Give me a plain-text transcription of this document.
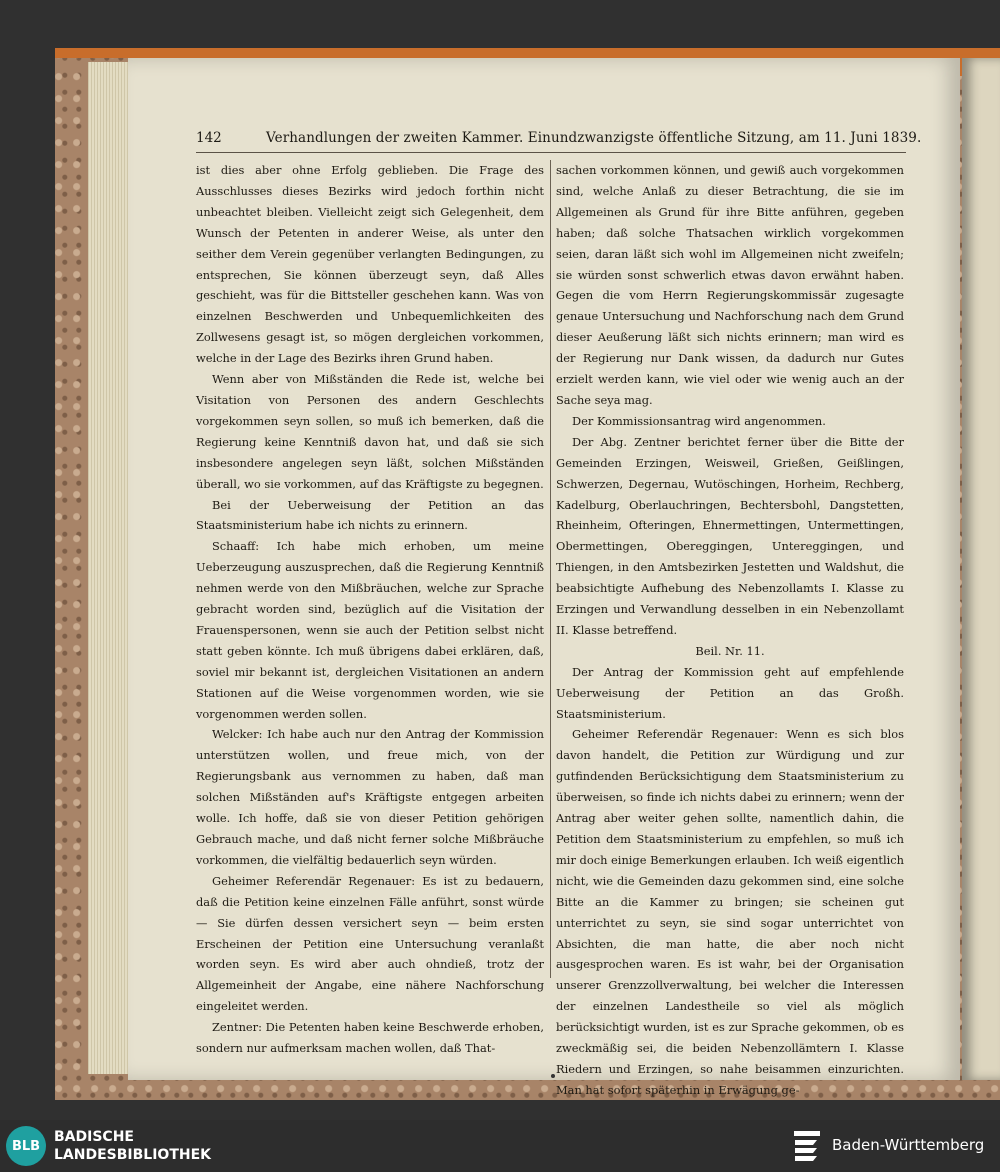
142	Verhandlungen der zweiten Kammer. Einundzwanzigste öffentliche Sitzung, am 11. Juni 1839.

ist dies aber ohne Erfolg geblieben. Die Frage des Ausschlusses dieses Bezirks wird jedoch forthin nicht unbeachtet bleiben. Vielleicht zeigt sich Gelegenheit, dem Wunsch der Petenten in anderer Weise, als unter den seither dem Verein gegenüber verlangten Bedingungen, zu entsprechen, Sie können überzeugt seyn, daß Alles geschieht, was für die Bittsteller geschehen kann. Was von einzelnen Beschwerden und Unbequemlichkeiten des Zollwesens gesagt ist, so mögen dergleichen vorkommen, welche in der Lage des Bezirks ihren Grund haben.

Wenn aber von Mißständen die Rede ist, welche bei Visitation von Personen des andern Geschlechts vorgekommen seyn sollen, so muß ich bemerken, daß die Regierung keine Kenntniß davon hat, und daß sie sich insbesondere angelegen seyn läßt, solchen Mißständen überall, wo sie vorkommen, auf das Kräftigste zu begegnen.

Bei der Ueberweisung der Petition an das Staatsministerium habe ich nichts zu erinnern.

Schaaff: Ich habe mich erhoben, um meine Ueberzeugung auszusprechen, daß die Regierung Kenntniß nehmen werde von den Mißbräuchen, welche zur Sprache gebracht worden sind, bezüglich auf die Visitation der Frauenspersonen, wenn sie auch der Petition selbst nicht statt geben könnte. Ich muß übrigens dabei erklären, daß, soviel mir bekannt ist, dergleichen Visitationen an andern Stationen auf die Weise vorgenommen worden, wie sie vorgenommen werden sollen.

Welcker: Ich habe auch nur den Antrag der Kommission unterstützen wollen, und freue mich, von der Regierungsbank aus vernommen zu haben, daß man solchen Mißständen auf's Kräftigste entgegen arbeiten wolle. Ich hoffe, daß sie von dieser Petition gehörigen Gebrauch mache, und daß nicht ferner solche Mißbräuche vorkommen, die vielfältig bedauerlich seyn würden.

Geheimer Referendär Regenauer: Es ist zu bedauern, daß die Petition keine einzelnen Fälle anführt, sonst würde — Sie dürfen dessen versichert seyn — beim ersten Erscheinen der Petition eine Untersuchung veranlaßt worden seyn. Es wird aber auch ohndieß, trotz der Allgemeinheit der Angabe, eine nähere Nachforschung eingeleitet werden.

Zentner: Die Petenten haben keine Beschwerde erhoben, sondern nur aufmerksam machen wollen, daß That-

sachen vorkommen können, und gewiß auch vorgekommen sind, welche Anlaß zu dieser Betrachtung, die sie im Allgemeinen als Grund für ihre Bitte anführen, gegeben haben; daß solche Thatsachen wirklich vorgekommen seien, daran läßt sich wohl im Allgemeinen nicht zweifeln; sie würden sonst schwerlich etwas davon erwähnt haben. Gegen die vom Herrn Regierungskommissär zugesagte genaue Untersuchung und Nachforschung nach dem Grund dieser Aeußerung läßt sich nichts erinnern; man wird es der Regierung nur Dank wissen, da dadurch nur Gutes erzielt werden kann, wie viel oder wie wenig auch an der Sache seya mag.

Der Kommissionsantrag wird angenommen.

Der Abg. Zentner berichtet ferner über die Bitte der Gemeinden Erzingen, Weisweil, Grießen, Geißlingen, Schwerzen, Degernau, Wutöschingen, Horheim, Rechberg, Kadelburg, Oberlauchringen, Bechtersbohl, Dangstetten, Rheinheim, Ofteringen, Ehnermettingen, Untermettingen, Obermettingen, Obereggingen, Untereggingen, und Thiengen, in den Amtsbezirken Jestetten und Waldshut, die beabsichtigte Aufhebung des Nebenzollamts I. Klasse zu Erzingen und Verwandlung desselben in ein Nebenzollamt II. Klasse betreffend.

Beil. Nr. 11.

Der Antrag der Kommission geht auf empfehlende Ueberweisung der Petition an das Großh. Staatsministerium.

Geheimer Referendär Regenauer: Wenn es sich blos davon handelt, die Petition zur Würdigung und zur gutfindenden Berücksichtigung dem Staatsministerium zu überweisen, so finde ich nichts dabei zu erinnern; wenn der Antrag aber weiter gehen sollte, namentlich dahin, die Petition dem Staatsministerium zu empfehlen, so muß ich mir doch einige Bemerkungen erlauben. Ich weiß eigentlich nicht, wie die Gemeinden dazu gekommen sind, eine solche Bitte an die Kammer zu bringen; sie scheinen gut unterrichtet zu seyn, sie sind sogar unterrichtet von Absichten, die man hatte, die aber noch nicht ausgesprochen waren. Es ist wahr, bei der Organisation unserer Grenzzollverwaltung, bei welcher die Interessen der einzelnen Landestheile so viel als möglich berücksichtigt wurden, ist es zur Sprache gekommen, ob es zweckmäßig sei, die beiden Nebenzollämtern I. Klasse Riedern und Erzingen, so nahe beisammen einzurichten. Man hat sofort späterhin in Erwägung ge-

BLB
BADISCHE
LANDESBIBLIOTHEK
Baden-Württemberg
